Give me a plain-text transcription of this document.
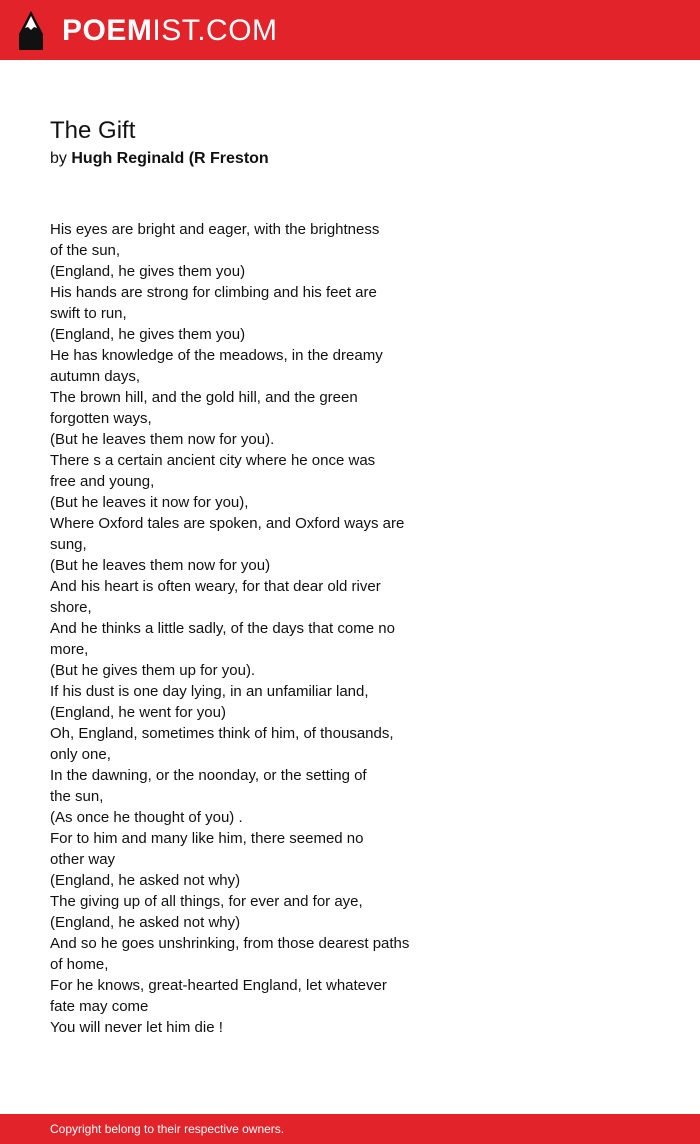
POEMIST.COM
The Gift
by Hugh Reginald (R Freston
His eyes are bright and eager, with the brightness
of the sun,
(England, he gives them you)
His hands are strong for climbing and his feet are
swift to run,
(England, he gives them you)
He has knowledge of the meadows, in the dreamy
autumn days,
The brown hill, and the gold hill, and the green
forgotten ways,
(But he leaves them now for you).
There s a certain ancient city where he once was
free and young,
(But he leaves it now for you),
Where Oxford tales are spoken, and Oxford ways are
sung,
(But he leaves them now for you)
And his heart is often weary, for that dear old river
shore,
And he thinks a little sadly, of the days that come no
more,
(But he gives them up for you).
If his dust is one day lying, in an unfamiliar land,
(England, he went for you)
Oh, England, sometimes think of him, of thousands,
only one,
In the dawning, or the noonday, or the setting of
the sun,
(As once he thought of you) .
For to him and many like him, there seemed no
other way
(England, he asked not why)
The giving up of all things, for ever and for aye,
(England, he asked not why)
And so he goes unshrinking, from those dearest paths
of home,
For he knows, great-hearted England, let whatever
fate may come
You will never let him die !
Copyright belong to their respective owners.
